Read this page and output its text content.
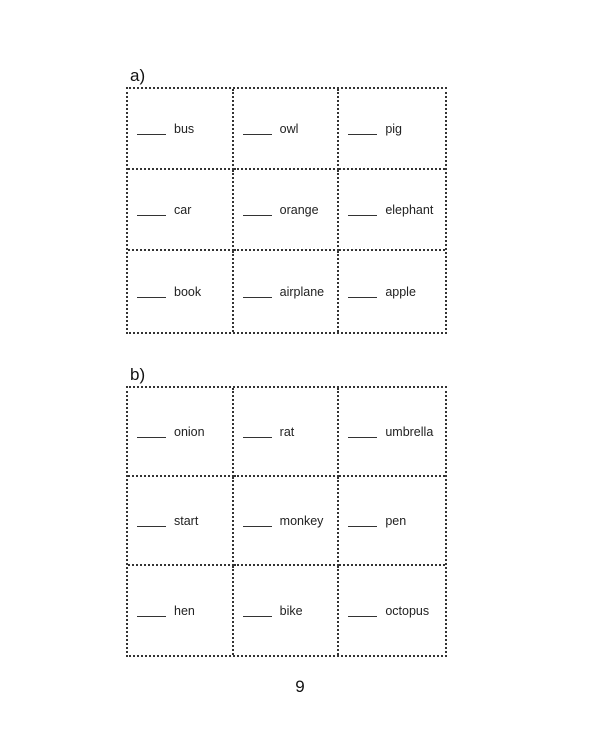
a)
bus	owl	pig
car	orange	elephant
book	airplane	apple
b)
onion	rat	umbrella
start	monkey	pen
hen	bike	octopus
9
